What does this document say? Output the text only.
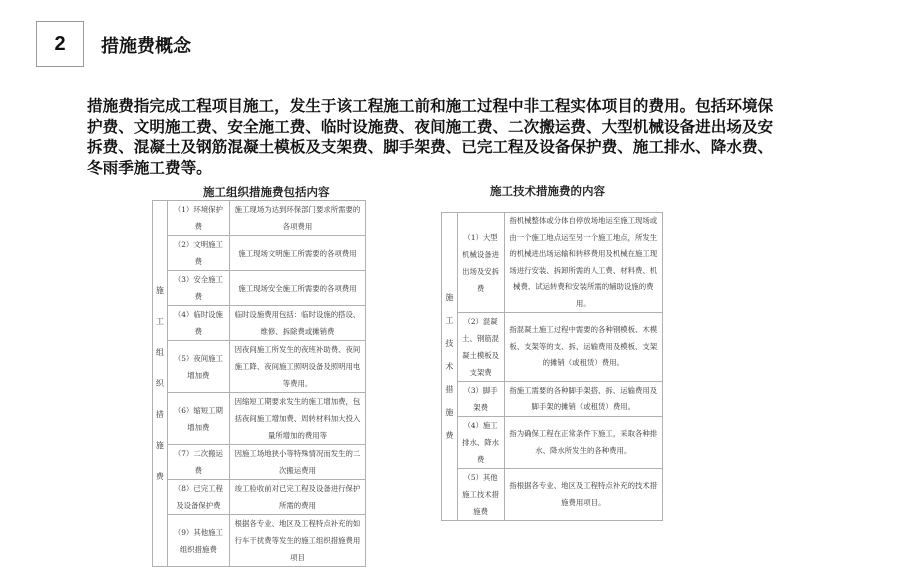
2 措施费概念
措施费指完成工程项目施工，发生于该工程施工前和施工过程中非工程实体项目的费用。包括环境保护费、文明施工费、安全施工费、临时设施费、夜间施工费、二次搬运费、大型机械设备进出场及安拆费、混凝土及钢筋混凝土模板及支架费、脚手架费、已完工程及设备保护费、施工排水、降水费、冬雨季施工费等。
施工组织措施费包括内容
施
工
组
织
措
施
费
	（1）环境保护费	施工现场为达到环保部门要求所需要的各项费用
	（2）文明施工费	施工现场文明施工所需要的各项费用
	（3）安全施工费	施工现场安全施工所需要的各项费用
	（4）临时设施费	临时设施费用包括：临时设施的搭设、维修、拆除费或摊销费
	（5）夜间施工增加费	因夜间施工所发生的夜班补助费、夜间施工降、夜间施工照明设备及照明用电等费用。
	（6）缩短工期增加费	因缩短工期要求发生的施工增加费，包括夜间施工增加费、周转材料加大投入量所增加的费用等
	（7）二次搬运费	因施工场地狭小等特殊情况而发生的二次搬运费用
	（8）已完工程及设备保护费	竣工验收前对已完工程及设备进行保护所需的费用
	（9）其他施工组织措施费	根据各专业、地区及工程特点补充的如行车干扰费等发生的施工组织措施费用项目
施工技术措施费的内容
施
工
技
术
措
施
费
	（1）大型机械设备进出场及安拆费	指机械整体或分体自停放场地运至施工现场或由一个施工地点运至另一个施工地点，所发生的机械进出场运输和转移费用及机械在施工现场进行安装、拆卸所需的人工费、材料费、机械费、试运转费和安装所需的辅助设施的费用。
	（2）混凝土、钢筋混凝土模板及支架费	指混凝土施工过程中需要的各种钢模板、木模板、支架等的支、拆、运输费用及模板、支架的摊销（或租赁）费用。
	（3）脚手架费	指施工需要的各种脚手架搭、拆、运输费用及脚手架的摊销（或租赁）费用。
	（4）施工排水、降水费	指为确保工程在正常条件下施工，采取各种排水、降水所发生的各种费用。
	（5）其他施工技术措施费	指根据各专业、地区及工程特点补充的技术措施费用项目。
